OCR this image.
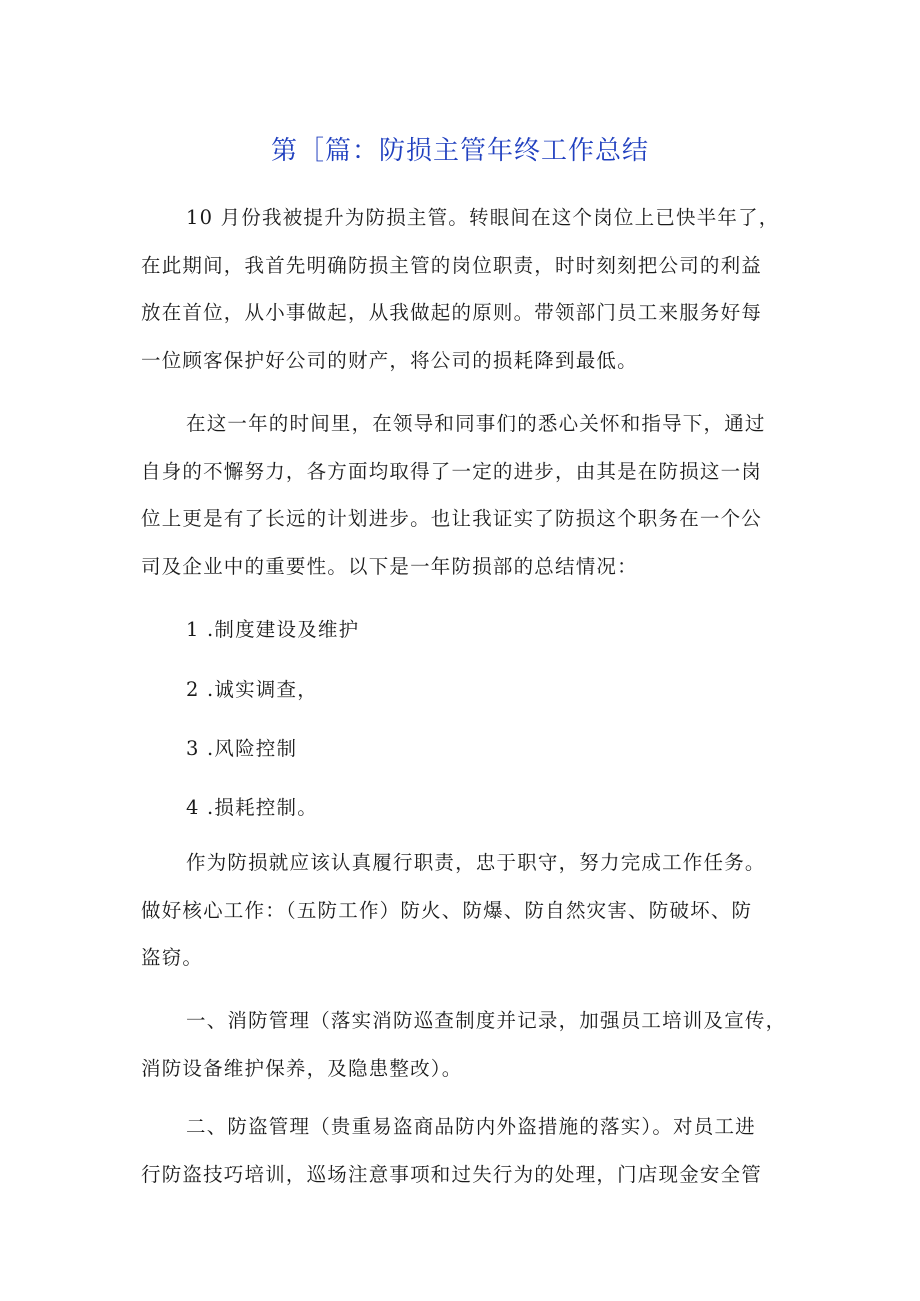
第［篇：防损主管年终工作总结
10 月份我被提升为防损主管。转眼间在这个岗位上已快半年了，
在此期间，我首先明确防损主管的岗位职责，时时刻刻把公司的利益
放在首位，从小事做起，从我做起的原则。带领部门员工来服务好每
一位顾客保护好公司的财产，将公司的损耗降到最低。
在这一年的时间里，在领导和同事们的悉心关怀和指导下，通过
自身的不懈努力，各方面均取得了一定的进步，由其是在防损这一岗
位上更是有了长远的计划进步。也让我证实了防损这个职务在一个公
司及企业中的重要性。以下是一年防损部的总结情况：
1 .制度建设及维护
2 .诚实调查，
3 .风险控制
4 .损耗控制。
作为防损就应该认真履行职责，忠于职守，努力完成工作任务。
做好核心工作：（五防工作）防火、防爆、防自然灾害、防破坏、防
盗窃。
一、消防管理（落实消防巡查制度并记录，加强员工培训及宣传，
消防设备维护保养，及隐患整改）。
二、防盗管理（贵重易盗商品防内外盗措施的落实）。对员工进
行防盗技巧培训，巡场注意事项和过失行为的处理，门店现金安全管
